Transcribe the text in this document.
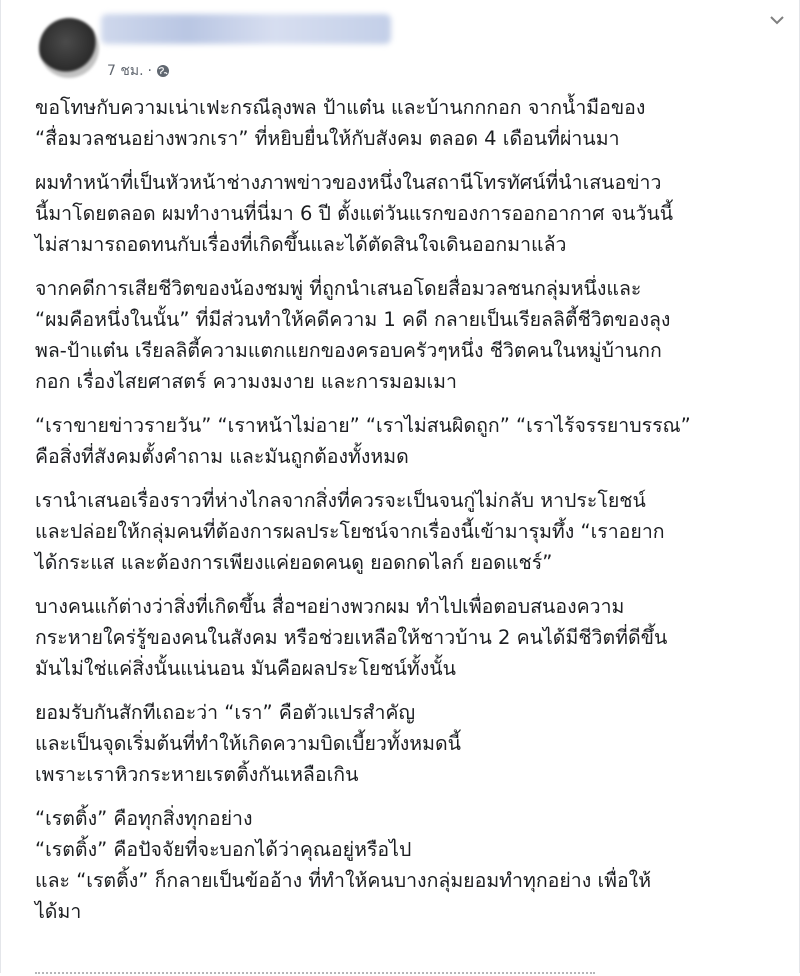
7 ชม. ·

ขอโทษกับความเน่าเฟะกรณีลุงพล ป้าแต๋น และบ้านกกกอก จากน้ำมือของ
“สื่อมวลชนอย่างพวกเรา” ที่หยิบยื่นให้กับสังคม ตลอด 4 เดือนที่ผ่านมา

ผมทำหน้าที่เป็นหัวหน้าช่างภาพข่าวของหนึ่งในสถานีโทรทัศน์ที่นำเสนอข่าว
นี้มาโดยตลอด ผมทำงานที่นี่มา 6 ปี ตั้งแต่วันแรกของการออกอากาศ จนวันนี้
ไม่สามารถอดทนกับเรื่องที่เกิดขึ้นและได้ตัดสินใจเดินออกมาแล้ว

จากคดีการเสียชีวิตของน้องชมพู่ ที่ถูกนำเสนอโดยสื่อมวลชนกลุ่มหนึ่งและ
“ผมคือหนึ่งในนั้น” ที่มีส่วนทำให้คดีความ 1 คดี กลายเป็นเรียลลิตี้ชีวิตของลุง
พล-ป้าแต๋น เรียลลิตี้ความแตกแยกของครอบครัวๆหนึ่ง ชีวิตคนในหมู่บ้านกก
กอก เรื่องไสยศาสตร์ ความงมงาย และการมอมเมา

“เราขายข่าวรายวัน” “เราหน้าไม่อาย” “เราไม่สนผิดถูก” “เราไร้จรรยาบรรณ”
คือสิ่งที่สังคมตั้งคำถาม และมันถูกต้องทั้งหมด

เรานำเสนอเรื่องราวที่ห่างไกลจากสิ่งที่ควรจะเป็นจนกู่ไม่กลับ หาประโยชน์
และปล่อยให้กลุ่มคนที่ต้องการผลประโยชน์จากเรื่องนี้เข้ามารุมทึ้ง “เราอยาก
ได้กระแส และต้องการเพียงแค่ยอดคนดู ยอดกดไลก์ ยอดแชร์”

บางคนแก้ต่างว่าสิ่งที่เกิดขึ้น สื่อฯอย่างพวกผม ทำไปเพื่อตอบสนองความ
กระหายใคร่รู้ของคนในสังคม หรือช่วยเหลือให้ชาวบ้าน 2 คนได้มีชีวิตที่ดีขึ้น
มันไม่ใช่แค่สิ่งนั้นแน่นอน มันคือผลประโยชน์ทั้งนั้น

ยอมรับกันสักทีเถอะว่า “เรา” คือตัวแปรสำคัญ
และเป็นจุดเริ่มต้นที่ทำให้เกิดความบิดเบี้ยวทั้งหมดนี้
เพราะเราหิวกระหายเรตติ้งกันเหลือเกิน

“เรตติ้ง” คือทุกสิ่งทุกอย่าง
“เรตติ้ง” คือปัจจัยที่จะบอกได้ว่าคุณอยู่หรือไป
และ “เรตติ้ง” ก็กลายเป็นข้ออ้าง ที่ทำให้คนบางกลุ่มยอมทำทุกอย่าง เพื่อให้
ได้มา
